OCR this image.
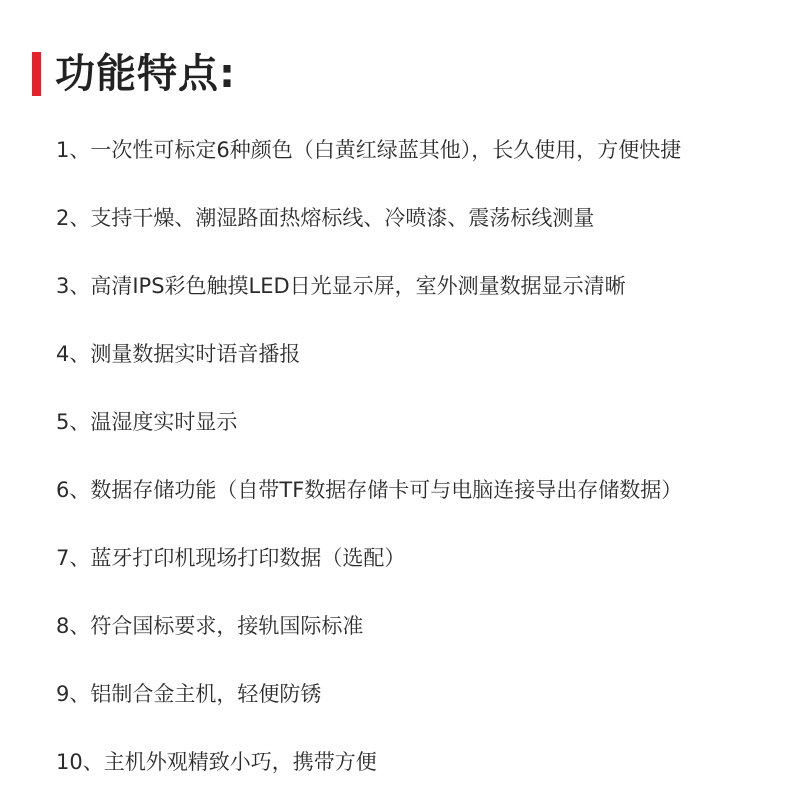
功能特点:
1、一次性可标定6种颜色（白黄红绿蓝其他），长久使用，方便快捷
2、支持干燥、潮湿路面热熔标线、冷喷漆、震荡标线测量
3、高清IPS彩色触摸LED日光显示屏，室外测量数据显示清晰
4、测量数据实时语音播报
5、温湿度实时显示
6、数据存储功能（自带TF数据存储卡可与电脑连接导出存储数据）
7、蓝牙打印机现场打印数据（选配）
8、符合国标要求，接轨国际标准
9、铝制合金主机，轻便防锈
10、主机外观精致小巧，携带方便
